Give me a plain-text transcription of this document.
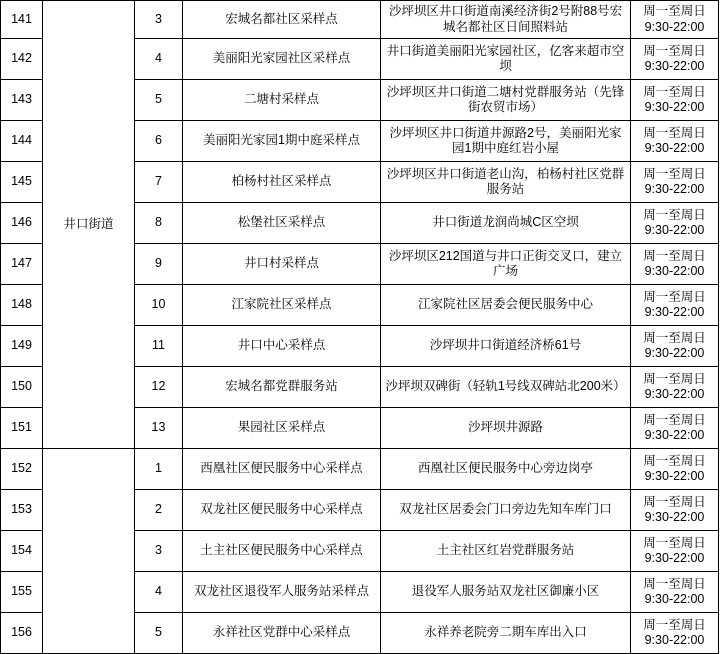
141	井口街道	3	宏城名都社区采样点	沙坪坝区井口街道南溪经济街2号附88号宏城名都社区日间照料站	周一至周日
9:30-22:00

142		4	美丽阳光家园社区采样点	井口街道美丽阳光家园社区，亿客来超市空坝	周一至周日
9:30-22:00

143		5	二塘村采样点	沙坪坝区井口街道二塘村党群服务站（先锋街农贸市场）	周一至周日
9:30-22:00

144		6	美丽阳光家园1期中庭采样点	沙坪坝区井口街道井源路2号，美丽阳光家园1期中庭红岩小屋	周一至周日
9:30-22:00

145		7	柏杨村社区采样点	沙坪坝区井口街道老山沟，柏杨村社区党群服务站	周一至周日
9:30-22:00

146		8	松堡社区采样点	井口街道龙润尚城C区空坝	周一至周日
9:30-22:00

147		9	井口村采样点	沙坪坝区212国道与井口正街交叉口，建立广场	周一至周日
9:30-22:00

148		10	江家院社区采样点	江家院社区居委会便民服务中心	周一至周日
9:30-22:00

149		11	井口中心采样点	沙坪坝井口街道经济桥61号	周一至周日
9:30-22:00

150		12	宏城名都党群服务站	沙坪坝双碑街（轻轨1号线双碑站北200米）	周一至周日
9:30-22:00

151		13	果园社区采样点	沙坪坝井源路	周一至周日
9:30-22:00

152		1	西凰社区便民服务中心采样点	西凰社区便民服务中心旁边岗亭	周一至周日
9:30-22:00

153		2	双龙社区便民服务中心采样点	双龙社区居委会门口旁边先知车库门口	周一至周日
9:30-22:00

154		3	土主社区便民服务中心采样点	土主社区红岩党群服务站	周一至周日
9:30-22:00

155		4	双龙社区退役军人服务站采样点	退役军人服务站双龙社区御廉小区	周一至周日
9:30-22:00

156		5	永祥社区党群中心采样点	永祥养老院旁二期车库出入口	周一至周日
9:30-22:00
